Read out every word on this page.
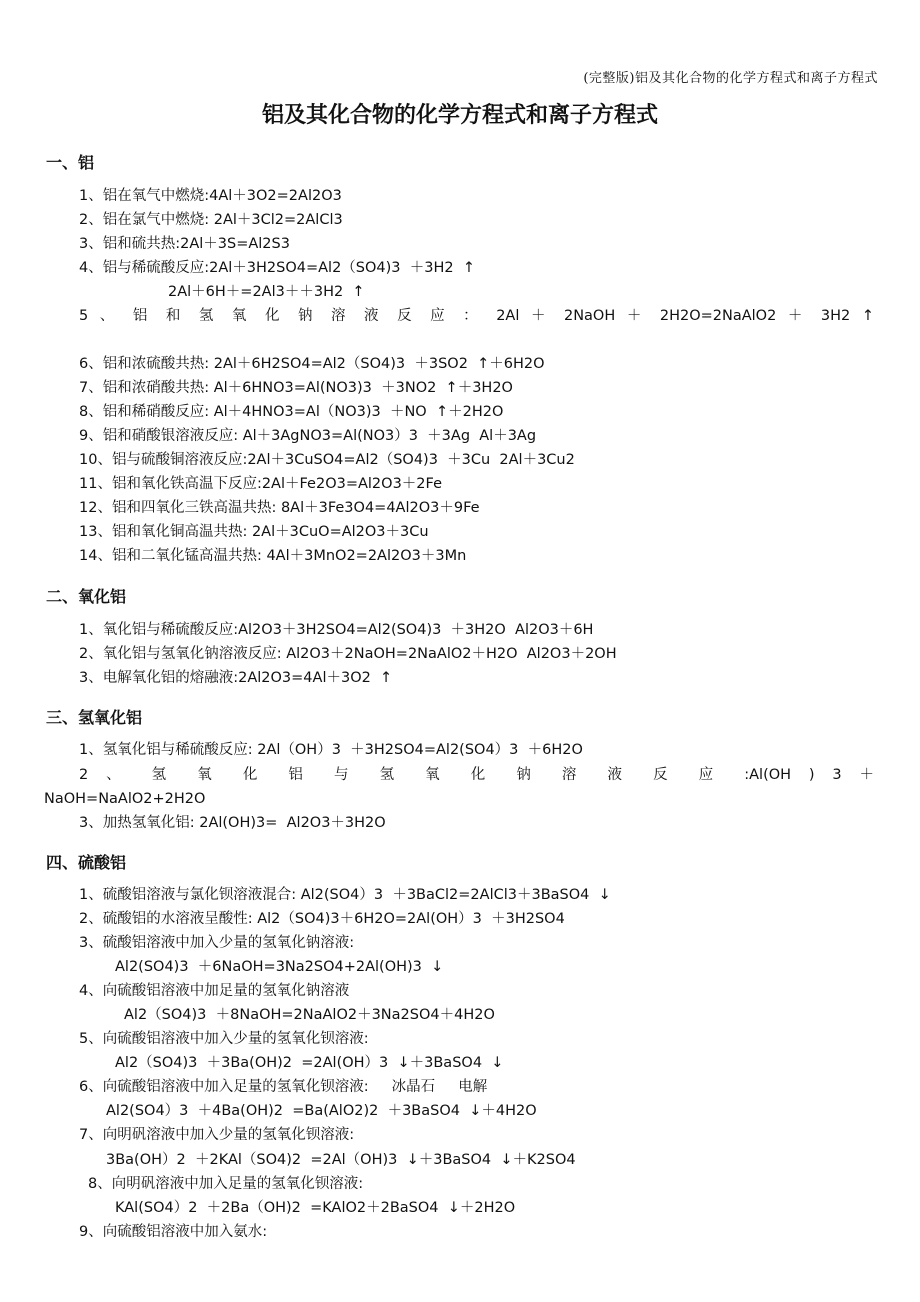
(完整版)铝及其化合物的化学方程式和离子方程式
铝及其化合物的化学方程式和离子方程式
一、铝
1、铝在氧气中燃烧:4Al＋3O2=2Al2O3
2、铝在氯气中燃烧: 2Al＋3Cl2=2AlCl3
3、铝和硫共热:2Al＋3S=Al2S3
4、铝与稀硫酸反应:2Al＋3H2SO4=Al2（SO4)3  ＋3H2  ↑
2Al＋6H＋=2Al3＋＋3H2  ↑
5 、 铝 和 氢 氧 化 钠 溶 液 反 应 ： 2Al ＋ 2NaOH ＋ 2H2O=2NaAlO2 ＋ 3H2 ↑
6、铝和浓硫酸共热: 2Al＋6H2SO4=Al2（SO4)3  ＋3SO2  ↑＋6H2O
7、铝和浓硝酸共热: Al＋6HNO3=Al(NO3)3  ＋3NO2  ↑＋3H2O
8、铝和稀硝酸反应: Al＋4HNO3=Al（NO3)3  ＋NO  ↑＋2H2O
9、铝和硝酸银溶液反应: Al＋3AgNO3=Al(NO3）3  ＋3Ag  Al＋3Ag
10、铝与硫酸铜溶液反应:2Al＋3CuSO4=Al2（SO4)3  ＋3Cu  2Al＋3Cu2
11、铝和氧化铁高温下反应:2Al＋Fe2O3=Al2O3＋2Fe
12、铝和四氧化三铁高温共热: 8Al＋3Fe3O4=4Al2O3＋9Fe
13、铝和氧化铜高温共热: 2Al＋3CuO=Al2O3＋3Cu
14、铝和二氧化锰高温共热: 4Al＋3MnO2=2Al2O3＋3Mn
二、氧化铝
1、氧化铝与稀硫酸反应:Al2O3＋3H2SO4=Al2(SO4)3  ＋3H2O  Al2O3＋6H
2、氧化铝与氢氧化钠溶液反应: Al2O3＋2NaOH=2NaAlO2＋H2O  Al2O3＋2OH
3、电解氧化铝的熔融液:2Al2O3=4Al＋3O2  ↑
三、氢氧化铝
1、氢氧化铝与稀硫酸反应: 2Al（OH）3  ＋3H2SO4=Al2(SO4）3  ＋6H2O
2 、 氢 氧 化 铝 与 氢 氧 化 钠 溶 液 反 应 :Al(OH ) 3 ＋
NaOH=NaAlO2+2H2O
3、加热氢氧化铝: 2Al(OH)3=  Al2O3＋3H2O
四、硫酸铝
1、硫酸铝溶液与氯化钡溶液混合: Al2(SO4）3  ＋3BaCl2=2AlCl3＋3BaSO4  ↓
2、硫酸铝的水溶液呈酸性: Al2（SO4)3＋6H2O=2Al(OH）3  ＋3H2SO4
3、硫酸铝溶液中加入少量的氢氧化钠溶液:
Al2(SO4)3  ＋6NaOH=3Na2SO4+2Al(OH)3  ↓
4、向硫酸铝溶液中加足量的氢氧化钠溶液
Al2（SO4)3  ＋8NaOH=2NaAlO2＋3Na2SO4＋4H2O
5、向硫酸铝溶液中加入少量的氢氧化钡溶液:
Al2（SO4)3  ＋3Ba(OH)2  =2Al(OH）3  ↓＋3BaSO4  ↓
6、向硫酸铝溶液中加入足量的氢氧化钡溶液:     冰晶石     电解
Al2(SO4）3  ＋4Ba(OH)2  =Ba(AlO2)2  ＋3BaSO4  ↓＋4H2O
7、向明矾溶液中加入少量的氢氧化钡溶液:
3Ba(OH）2  ＋2KAl（SO4)2  =2Al（OH)3  ↓＋3BaSO4  ↓＋K2SO4
8、向明矾溶液中加入足量的氢氧化钡溶液:
KAl(SO4）2  ＋2Ba（OH)2  =KAlO2＋2BaSO4  ↓＋2H2O
9、向硫酸铝溶液中加入氨水:
